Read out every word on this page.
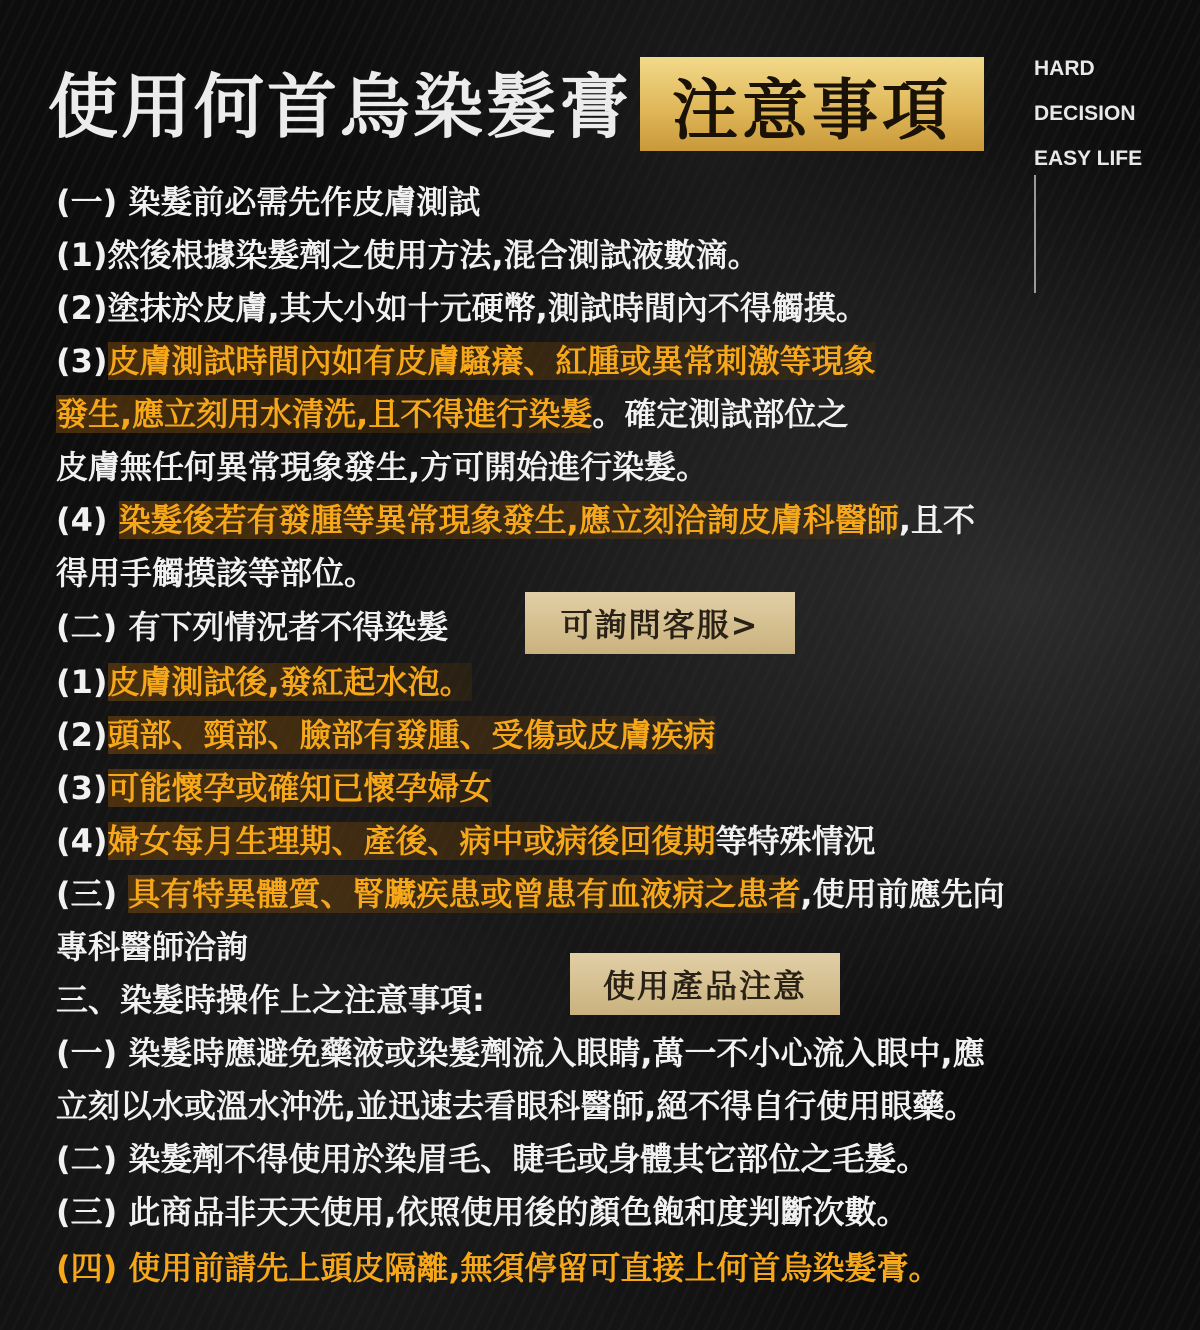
使用何首烏染髮膏 注意事項
HARD
DECISION
EASY LIFE
(一) 染髮前必需先作皮膚測試
(1)然後根據染髮劑之使用方法,混合測試液數滴。
(2)塗抹於皮膚,其大小如十元硬幣,測試時間內不得觸摸。
(3)皮膚測試時間內如有皮膚騷癢、紅腫或異常刺激等現象
發生,應立刻用水清洗,且不得進行染髮。確定測試部位之
皮膚無任何異常現象發生,方可開始進行染髮。
(4) 染髮後若有發腫等異常現象發生,應立刻洽詢皮膚科醫師,且不
得用手觸摸該等部位。
(二) 有下列情況者不得染髮	可詢問客服>
(1)皮膚測試後,發紅起水泡。
(2)頭部、頸部、臉部有發腫、受傷或皮膚疾病
(3)可能懷孕或確知已懷孕婦女
(4)婦女每月生理期、產後、病中或病後回復期等特殊情況
(三) 具有特異體質、腎臟疾患或曾患有血液病之患者,使用前應先向
專科醫師洽詢
三、染髮時操作上之注意事項:	使用產品注意
(一) 染髮時應避免藥液或染髮劑流入眼睛,萬一不小心流入眼中,應
立刻以水或溫水沖洗,並迅速去看眼科醫師,絕不得自行使用眼藥。
(二) 染髮劑不得使用於染眉毛、睫毛或身體其它部位之毛髮。
(三) 此商品非天天使用,依照使用後的顏色飽和度判斷次數。
(四) 使用前請先上頭皮隔離,無須停留可直接上何首烏染髮膏。
